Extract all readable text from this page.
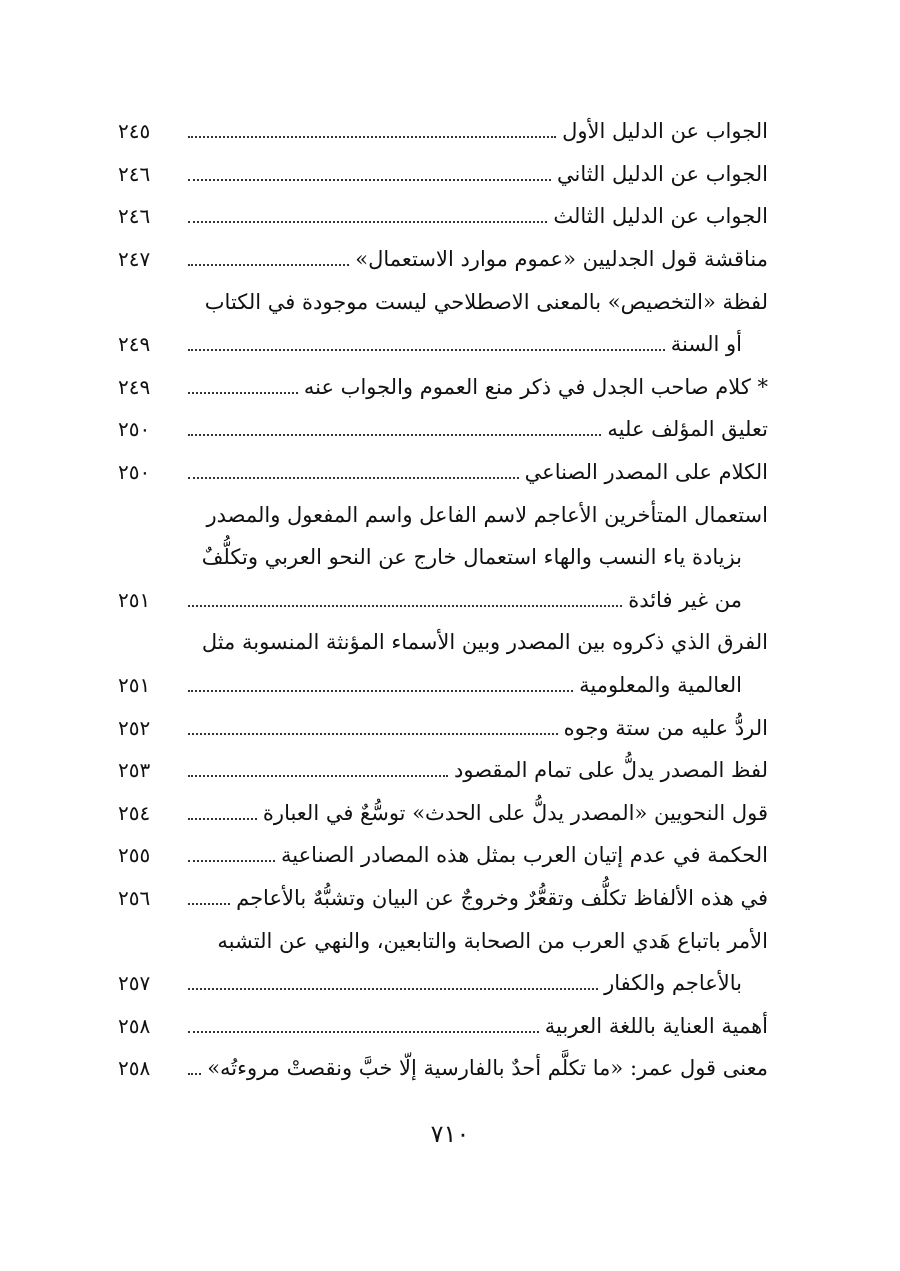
الجواب عن الدليل الأول
٢٤٥
الجواب عن الدليل الثاني
٢٤٦
الجواب عن الدليل الثالث
٢٤٦
مناقشة قول الجدليين «عموم موارد الاستعمال»
٢٤٧
لفظة «التخصيص» بالمعنى الاصطلاحي ليست موجودة في الكتاب
أو السنة
٢٤٩
* كلام صاحب الجدل في ذكر منع العموم والجواب عنه
٢٤٩
تعليق المؤلف عليه
٢٥٠
الكلام على المصدر الصناعي
٢٥٠
استعمال المتأخرين الأعاجم لاسم الفاعل واسم المفعول والمصدر
بزيادة ياء النسب والهاء استعمال خارج عن النحو العربي وتكلُّفٌ
من غير فائدة
٢٥١
الفرق الذي ذكروه بين المصدر وبين الأسماء المؤنثة المنسوبة مثل
العالمية والمعلومية
٢٥١
الردُّ عليه من ستة وجوه
٢٥٢
لفظ المصدر يدلُّ على تمام المقصود
٢٥٣
قول النحويين «المصدر يدلُّ على الحدث» توسُّعٌ في العبارة
٢٥٤
الحكمة في عدم إتيان العرب بمثل هذه المصادر الصناعية
٢٥٥
في هذه الألفاظ تكلُّف وتقعُّرٌ وخروجٌ عن البيان وتشبُّهٌ بالأعاجم
٢٥٦
الأمر باتباع هَدي العرب من الصحابة والتابعين، والنهي عن التشبه
بالأعاجم والكفار
٢٥٧
أهمية العناية باللغة العربية
٢٥٨
معنى قول عمر: «ما تكلَّم أحدٌ بالفارسية إلّا خبَّ ونقصتْ مروءتُه»
٢٥٨
٧١٠
